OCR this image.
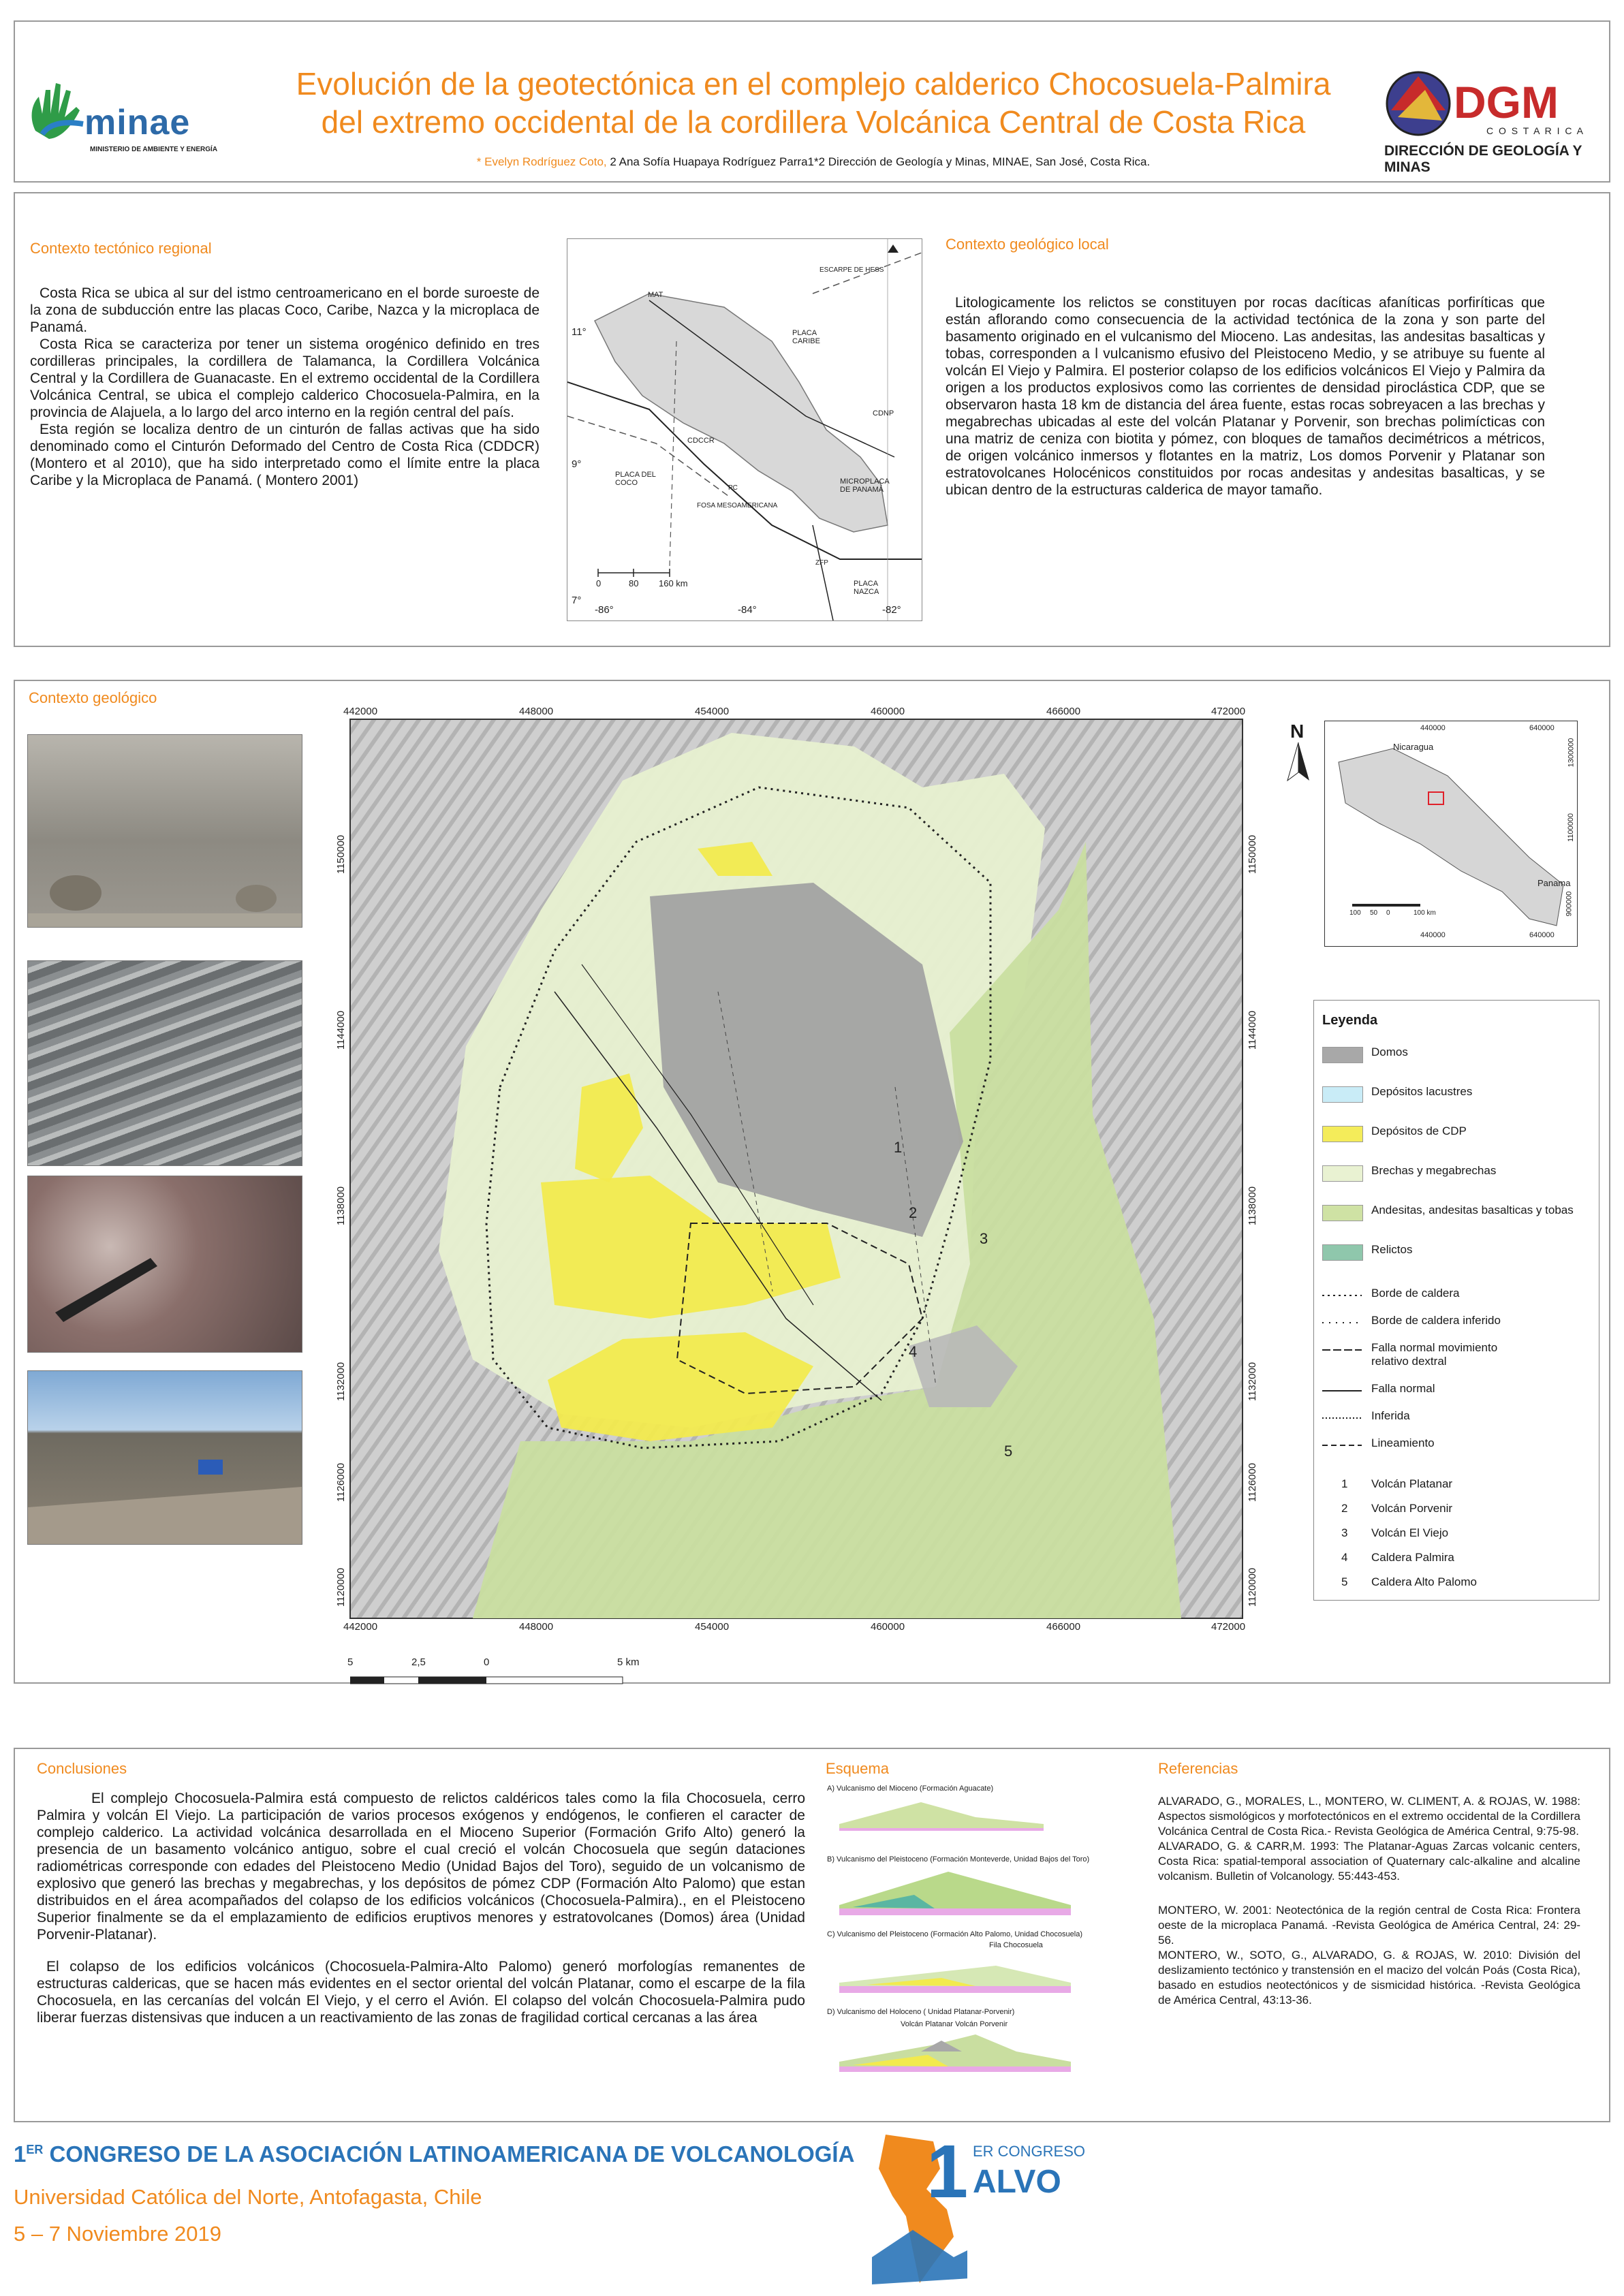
minae
MINISTERIO DE AMBIENTE Y ENERGÍA
Evolución de la geotectónica en el complejo calderico Chocosuela-Palmira
del extremo occidental de la cordillera Volcánica Central de Costa Rica
* Evelyn Rodríguez Coto, 2 Ana Sofía Huapaya Rodríguez Parra1*2 Dirección de Geología y Minas, MINAE, San José, Costa Rica.
DGM
C O S T A R I C A
DIRECCIÓN DE GEOLOGÍA Y MINAS
Contexto tectónico regional

Costa Rica se ubica al sur del istmo centroamericano en el borde suroeste de la zona de subducción entre las placas Coco, Caribe, Nazca y la microplaca de Panamá.

Costa Rica se caracteriza por tener un sistema orogénico definido en tres cordilleras principales, la cordillera de Talamanca, la Cordillera Volcánica Central y la Cordillera de Guanacaste. En el extremo occidental de la Cordillera Volcánica Central, se ubica el complejo calderico Chocosuela-Palmira, en la provincia de Alajuela, a lo largo del arco interno en la región central del país.

Esta región se localiza dentro de un cinturón de fallas activas que ha sido denominado como el Cinturón Deformado del Centro de Costa Rica (CDDCR) (Montero et al 2010), que ha sido interpretado como el límite entre la placa Caribe y la Microplaca de Panamá. ( Montero 2001)

11°
9°
7°
-86°	-84°	-82°
MAT
ESCARPE DE HESS
PLACA CARIBE
CDNP
CDCCR
PLACA DEL COCO
FOSA MESOAMERICANA
PC
MICROPLACA DE PANAMÁ
PLACA NAZCA
ZFP
0	80 160 km
Contexto geológico local

Litologicamente los relictos se constituyen por rocas dacíticas afaníticas porfiríticas que están aflorando como consecuencia de la actividad tectónica de la zona y son parte del basamento originado en el vulcanismo del Mioceno. Las andesitas, las andesitas basalticas y tobas, corresponden a l vulcanismo efusivo del Pleistoceno Medio, y se atribuye su fuente al volcán El Viejo y Palmira. El posterior colapso de los edificios volcánicos El Viejo y Palmira da origen a los productos explosivos como las corrientes de densidad piroclástica CDP, que se observaron hasta 18 km de distancia del área fuente, estas rocas sobreyacen a las brechas y megabrechas ubicadas al este del volcán Platanar y Porvenir, son brechas polimícticas con una matriz de ceniza con biotita y pómez, con bloques de tamaños decimétricos a métricos, de origen volcánico inmersos y flotantes en la matriz, Los domos Porvenir y Platanar son estratovolcanes Holocénicos constituidos por rocas andesitas y andesitas basalticas, y se ubican dentro de la estructuras calderica de mayor tamaño.

Contexto geológico
442000	448000	454000	460000	466000	472000
442000	448000	454000	460000	466000	472000
1150000
1144000
1138000
1132000
1126000
1120000
1150000
1144000
1138000
1132000
1126000
1120000
1
2
3
4
5
5	2,5	0	5 km
N
Nicaragua
Panama
440000	640000
440000	640000
1300000
1100000
900000
100 50 0	100 km
Leyenda
Domos
Depósitos lacustres
Depósitos de CDP
Brechas y megabrechas
Andesitas, andesitas basalticas y tobas
Relictos
Borde de caldera
Borde de caldera inferido
Falla normal movimiento relativo dextral
Falla normal
Inferida
Lineamiento
1 Volcán Platanar
2 Volcán Porvenir
3 Volcán El Viejo
4 Caldera Palmira
5 Caldera Alto Palomo
Conclusiones

El complejo Chocosuela-Palmira está compuesto de relictos caldéricos tales como la fila Chocosuela, cerro Palmira y volcán El Viejo. La participación de varios procesos exógenos y endógenos, le confieren el caracter de complejo calderico. La actividad volcánica desarrollada en el Mioceno Superior (Formación Grifo Alto) generó la presencia de un basamento volcánico antiguo, sobre el cual creció el volcán Chocosuela que según dataciones radiométricas corresponde con edades del Pleistoceno Medio (Unidad Bajos del Toro), seguido de un volcanismo de explosivo que generó las brechas y megabrechas, y los depósitos de pómez CDP (Formación Alto Palomo) que estan distribuidos en el área acompañados del colapso de los edificios volcánicos (Chocosuela-Palmira)., en el Pleistoceno Superior finalmente se da el emplazamiento de edificios eruptivos menores y estratovolcanes (Domos) área (Unidad Porvenir-Platanar).

El colapso de los edificios volcánicos (Chocosuela-Palmira-Alto Palomo) generó morfologías remanentes de estructuras caldericas, que se hacen más evidentes en el sector oriental del volcán Platanar, como el escarpe de la fila Chocosuela, en las cercanías del volcán El Viejo, y el cerro el Avión. El colapso del volcán Chocosuela-Palmira pudo liberar fuerzas distensivas que inducen a un reactivamiento de las zonas de fragilidad cortical cercanas a las área

Esquema
A) Vulcanismo del Mioceno (Formación Aguacate)
B) Vulcanismo del Pleistoceno (Formación Monteverde, Unidad Bajos del Toro)
C) Vulcanismo del Pleistoceno (Formación Alto Palomo, Unidad Chocosuela)
Fila Chocosuela
D) Vulcanismo del Holoceno ( Unidad Platanar-Porvenir)
Volcán Platanar Volcán Porvenir
Referencias

ALVARADO, G., MORALES, L., MONTERO, W. CLIMENT, A. & ROJAS, W. 1988: Aspectos sismológicos y morfotectónicos en el extremo occidental de la Cordillera Volcánica Central de Costa Rica.- Revista Geológica de América Central, 9:75-98.

ALVARADO, G. & CARR,M. 1993: The Platanar-Aguas Zarcas volcanic centers, Costa Rica: spatial-temporal association of Quaternary calc-alkaline and alcaline volcanism. Bulletin of Volcanology. 55:443-453.

MONTERO, W. 2001: Neotectónica de la región central de Costa Rica: Frontera oeste de la microplaca Panamá. -Revista Geológica de América Central, 24: 29-56.

MONTERO, W., SOTO, G., ALVARADO, G. & ROJAS, W. 2010: División del deslizamiento tectónico y transtensión en el macizo del volcán Poás (Costa Rica), basado en estudios neotectónicos y de sismicidad histórica. -Revista Geológica de América Central, 43:13-36.

1ER CONGRESO DE LA ASOCIACIÓN LATINOAMERICANA DE VOLCANOLOGÍA
Universidad Católica del Norte, Antofagasta, Chile
5 – 7 Noviembre 2019
1 ER CONGRESO
ALVO
